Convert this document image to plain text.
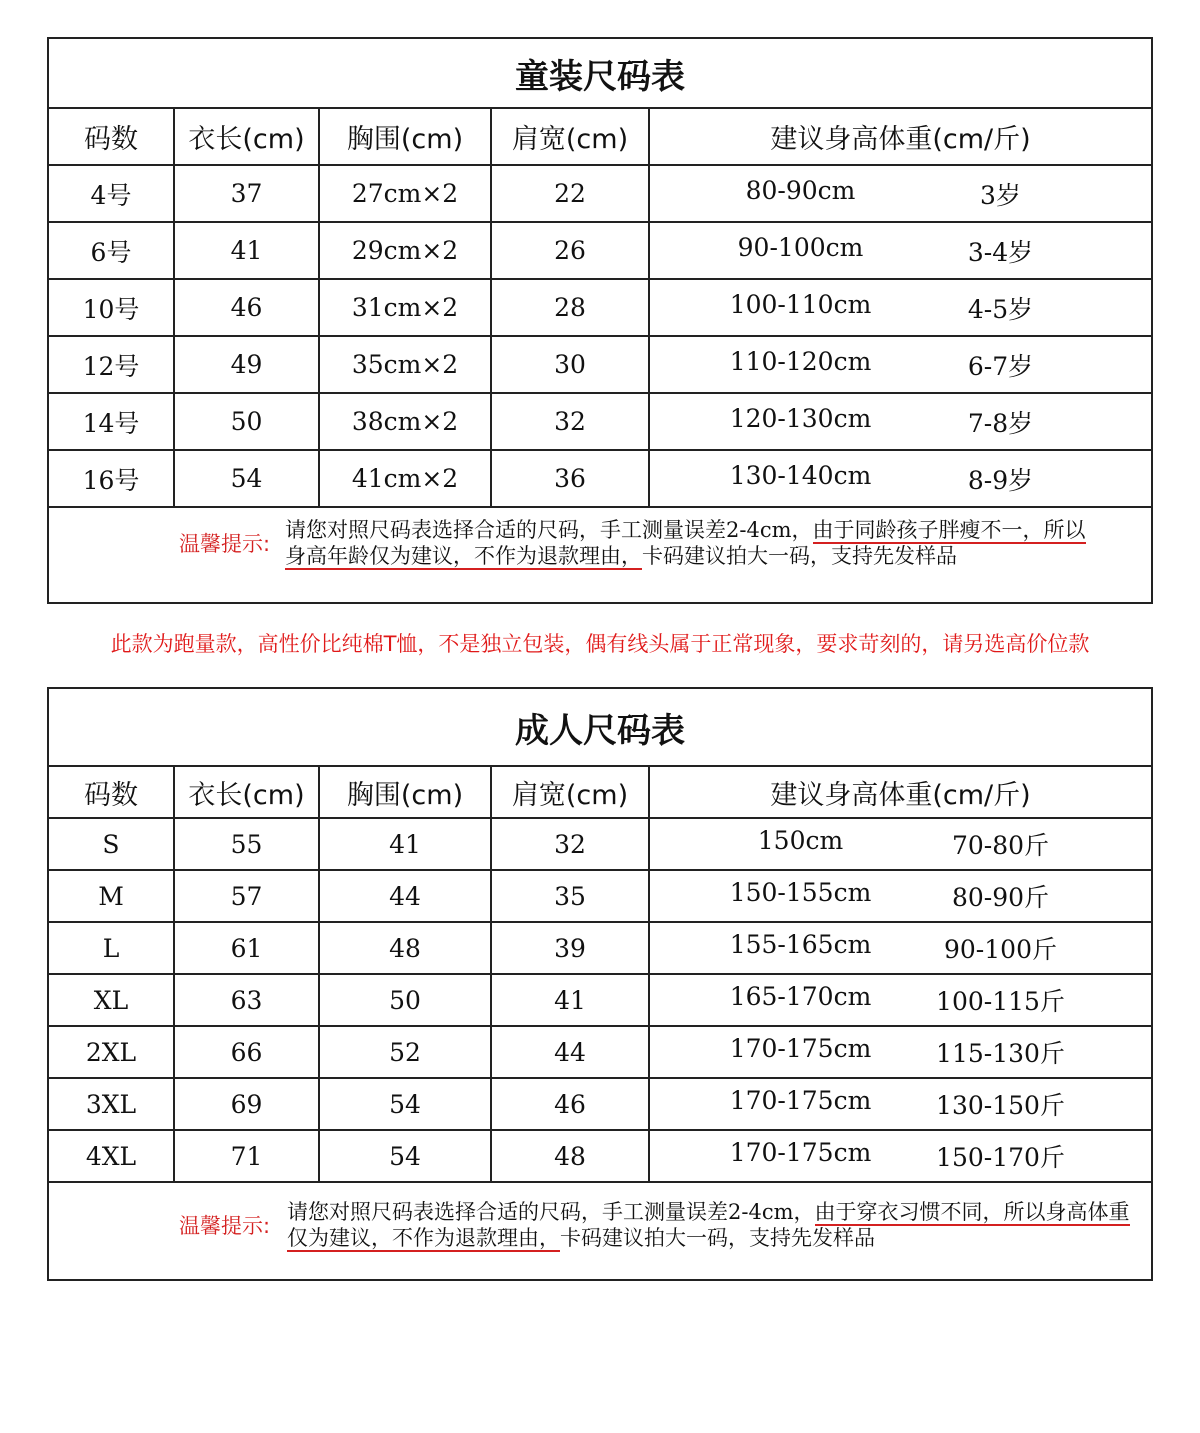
童装尺码表
码数	衣长(cm)	胸围(cm)	肩宽(cm)	建议身高体重(cm/斤)
4号	37	27cm×2	22	80-90cm 3岁

6号	41	29cm×2	26	90-100cm 3-4岁

10号	46	31cm×2	28	100-110cm 4-5岁

12号	49	35cm×2	30	110-120cm 6-7岁

14号	50	38cm×2	32	120-130cm 7-8岁

16号	54	41cm×2	36	130-140cm 8-9岁
温馨提示:
请您对照尺码表选择合适的尺码，手工测量误差2-4cm，由于同龄孩子胖瘦不一，所以
身高年龄仅为建议，不作为退款理由，卡码建议拍大一码，支持先发样品
此款为跑量款，高性价比纯棉T恤，不是独立包装，偶有线头属于正常现象，要求苛刻的，请另选高价位款
成人尺码表
码数	衣长(cm)	胸围(cm)	肩宽(cm)	建议身高体重(cm/斤)
S	55	41	32	150cm 70-80斤

M	57	44	35	150-155cm 80-90斤

L	61	48	39	155-165cm 90-100斤

XL	63	50	41	165-170cm 100-115斤

2XL	66	52	44	170-175cm 115-130斤

3XL	69	54	46	170-175cm 130-150斤

4XL	71	54	48	170-175cm 150-170斤
温馨提示:
请您对照尺码表选择合适的尺码，手工测量误差2-4cm，由于穿衣习惯不同，所以身高体重
仅为建议，不作为退款理由，卡码建议拍大一码，支持先发样品
